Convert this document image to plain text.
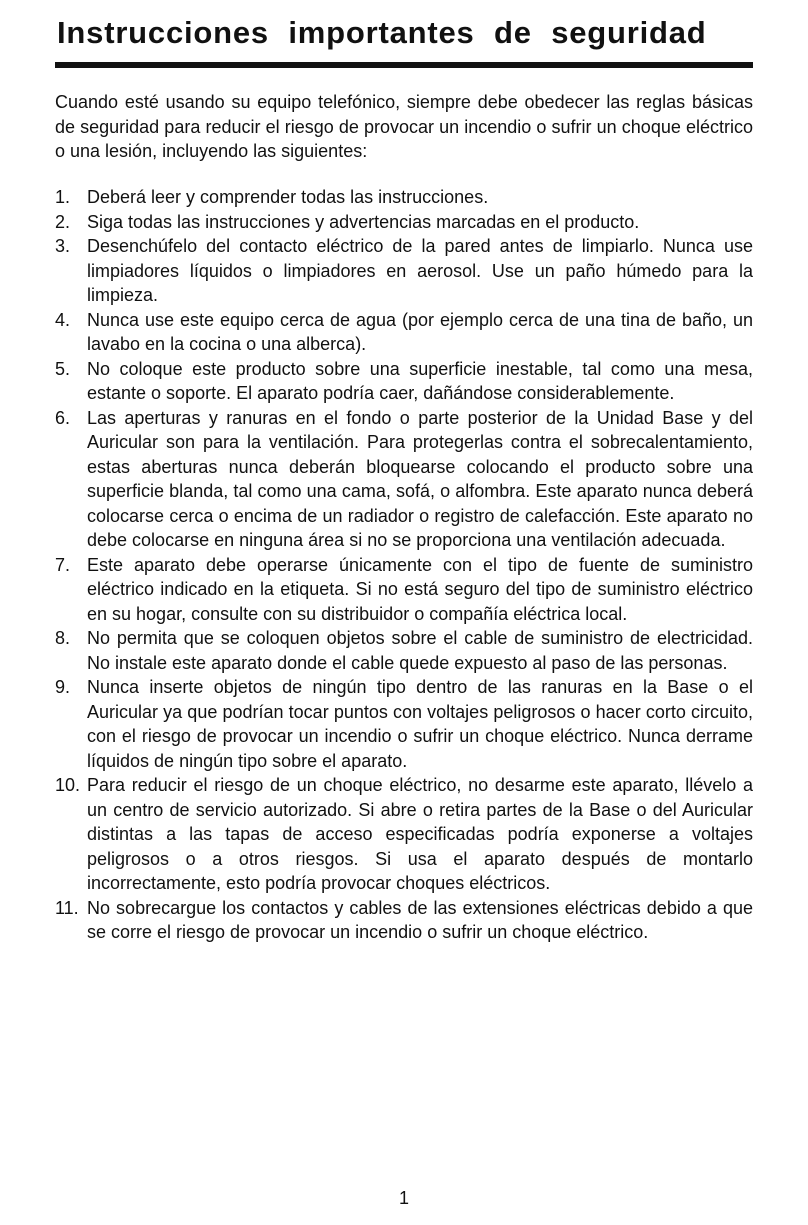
Instrucciones importantes de seguridad

Cuando esté usando su equipo telefónico, siempre debe obedecer las reglas básicas de seguridad para reducir el riesgo de provocar un incendio o sufrir un choque eléctrico o una lesión, incluyendo las siguientes:

1. Deberá leer y comprender todas las instrucciones.
2. Siga todas las instrucciones y advertencias marcadas en el producto.
3. Desenchúfelo del contacto eléctrico de la pared antes de limpiarlo. Nunca use limpiadores líquidos o limpiadores en aerosol. Use un paño húmedo para la limpieza.
4. Nunca use este equipo cerca de agua (por ejemplo cerca de una tina de baño, un lavabo en la cocina o una alberca).
5. No coloque este producto sobre una superficie inestable, tal como una mesa, estante o soporte. El aparato podría caer, dañándose considerablemente.
6. Las aperturas y ranuras en el fondo o parte posterior de la Unidad Base y del Auricular son para la ventilación. Para protegerlas contra el sobrecalentamiento, estas aberturas nunca deberán bloquearse colocando el producto sobre una superficie blanda, tal como una cama, sofá, o alfombra. Este aparato nunca deberá colocarse cerca o encima de un radiador o registro de calefacción. Este aparato no debe colocarse en ninguna área si no se proporciona una ventilación adecuada.
7. Este aparato debe operarse únicamente con el tipo de fuente de suministro eléctrico indicado en la etiqueta. Si no está seguro del tipo de suministro eléctrico en su hogar, consulte con su distribuidor o compañía eléctrica local.
8. No permita que se coloquen objetos sobre el cable de suministro de electricidad. No instale este aparato donde el cable quede expuesto al paso de las personas.
9. Nunca inserte objetos de ningún tipo dentro de las ranuras en la Base o el Auricular ya que podrían tocar puntos con voltajes peligrosos o hacer corto circuito, con el riesgo de provocar un incendio o sufrir un choque eléctrico. Nunca derrame líquidos de ningún tipo sobre el aparato.
10. Para reducir el riesgo de un choque eléctrico, no desarme este aparato, llévelo a un centro de servicio autorizado. Si abre o retira partes de la Base o del Auricular distintas a las tapas de acceso especificadas podría exponerse a voltajes peligrosos o a otros riesgos. Si usa el aparato después de montarlo incorrectamente, esto podría provocar choques eléctricos.
11. No sobrecargue los contactos y cables de las extensiones eléctricas debido a que se corre el riesgo de provocar un incendio o sufrir un choque eléctrico.
1
